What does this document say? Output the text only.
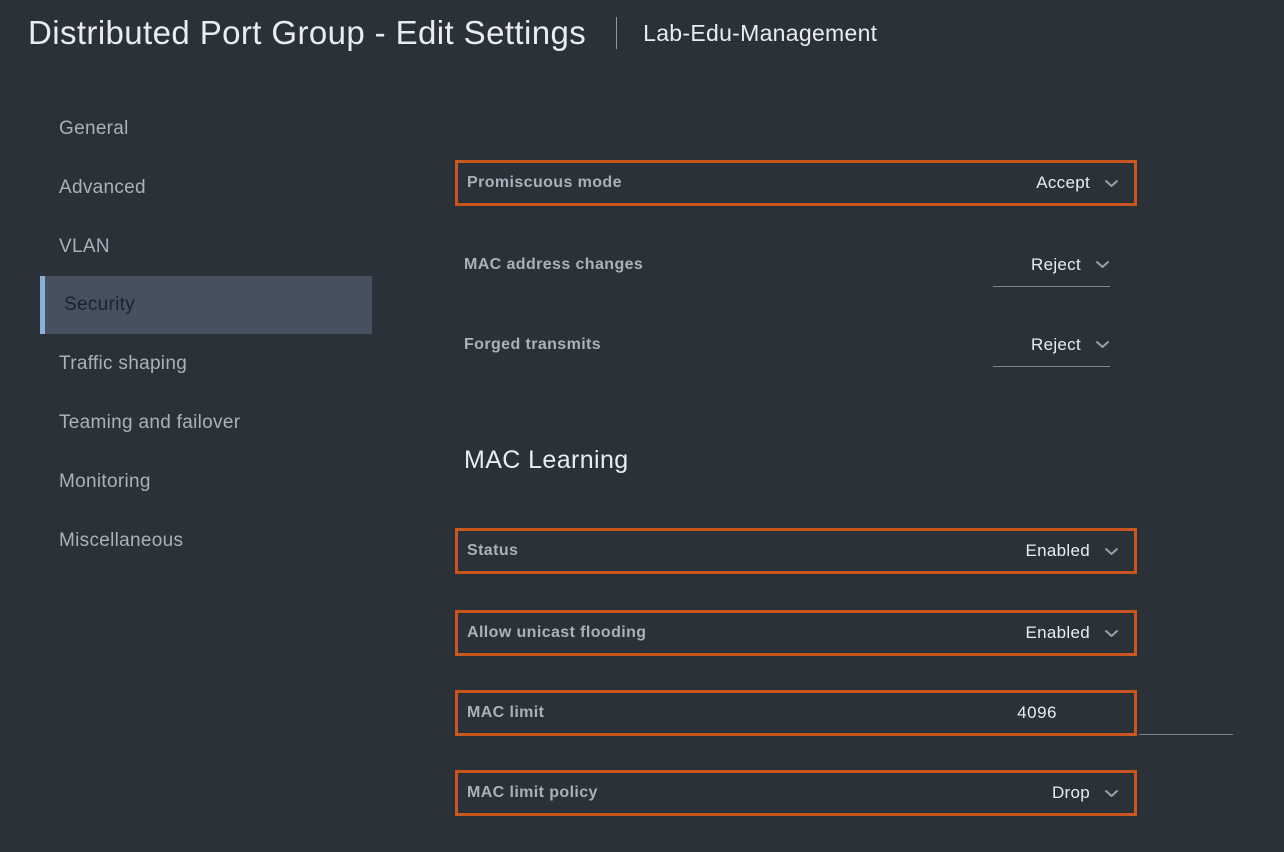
Distributed Port Group - Edit Settings Lab-Edu-Management
General
Advanced
VLAN
Security
Traffic shaping
Teaming and failover
Monitoring
Miscellaneous
Promiscuous mode	Accept
MAC address changes	Reject
Forged transmits	Reject
MAC Learning
Status	Enabled
Allow unicast flooding	Enabled
MAC limit	4096
MAC limit policy	Drop
